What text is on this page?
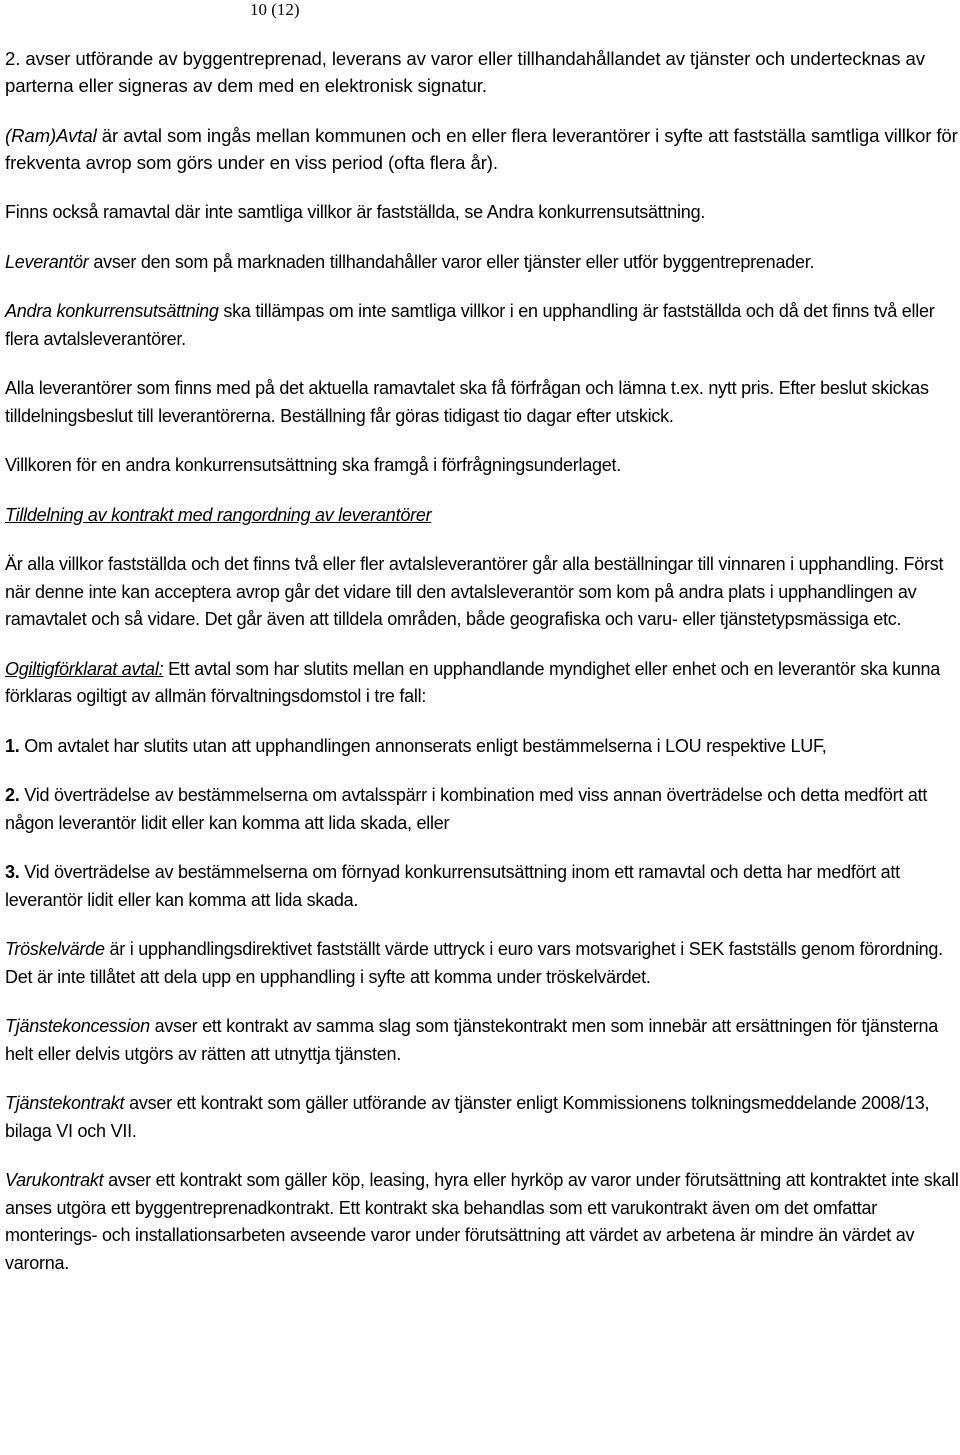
10 (12)

2. avser utförande av byggentreprenad, leverans av varor eller tillhandahållandet av tjänster och undertecknas av parterna eller signeras av dem med en elektronisk signatur.

(Ram)Avtal är avtal som ingås mellan kommunen och en eller flera leverantörer i syfte att fastställa samtliga villkor för frekventa avrop som görs under en viss period (ofta flera år).

Finns också ramavtal där inte samtliga villkor är fastställda, se Andra konkurrensutsättning.

Leverantör avser den som på marknaden tillhandahåller varor eller tjänster eller utför byggentreprenader.

Andra konkurrensutsättning ska tillämpas om inte samtliga villkor i en upphandling är fastställda och då det finns två eller flera avtalsleverantörer.

Alla leverantörer som finns med på det aktuella ramavtalet ska få förfrågan och lämna t.ex. nytt pris. Efter beslut skickas tilldelningsbeslut till leverantörerna. Beställning får göras tidigast tio dagar efter utskick.

Villkoren för en andra konkurrensutsättning ska framgå i förfrågningsunderlaget.

Tilldelning av kontrakt med rangordning av leverantörer

Är alla villkor fastställda och det finns två eller fler avtalsleverantörer går alla beställningar till vinnaren i upphandling. Först när denne inte kan acceptera avrop går det vidare till den avtalsleverantör som kom på andra plats i upphandlingen av ramavtalet och så vidare. Det går även att tilldela områden, både geografiska och varu- eller tjänstetypsmässiga etc.

Ogiltigförklarat avtal: Ett avtal som har slutits mellan en upphandlande myndighet eller enhet och en leverantör ska kunna förklaras ogiltigt av allmän förvaltningsdomstol i tre fall:

1. Om avtalet har slutits utan att upphandlingen annonserats enligt bestämmelserna i LOU respektive LUF,

2. Vid överträdelse av bestämmelserna om avtalsspärr i kombination med viss annan överträdelse och detta medfört att någon leverantör lidit eller kan komma att lida skada, eller

3. Vid överträdelse av bestämmelserna om förnyad konkurrensutsättning inom ett ramavtal och detta har medfört att leverantör lidit eller kan komma att lida skada.

Tröskelvärde är i upphandlingsdirektivet fastställt värde uttryck i euro vars motsvarighet i SEK fastställs genom förordning. Det är inte tillåtet att dela upp en upphandling i syfte att komma under tröskelvärdet.

Tjänstekoncession avser ett kontrakt av samma slag som tjänstekontrakt men som innebär att ersättningen för tjänsterna helt eller delvis utgörs av rätten att utnyttja tjänsten.

Tjänstekontrakt avser ett kontrakt som gäller utförande av tjänster enligt Kommissionens tolkningsmeddelande 2008/13, bilaga VI och VII.

Varukontrakt avser ett kontrakt som gäller köp, leasing, hyra eller hyrköp av varor under förutsättning att kontraktet inte skall anses utgöra ett byggentreprenadkontrakt. Ett kontrakt ska behandlas som ett varukontrakt även om det omfattar monterings- och installationsarbeten avseende varor under förutsättning att värdet av arbetena är mindre än värdet av varorna.
